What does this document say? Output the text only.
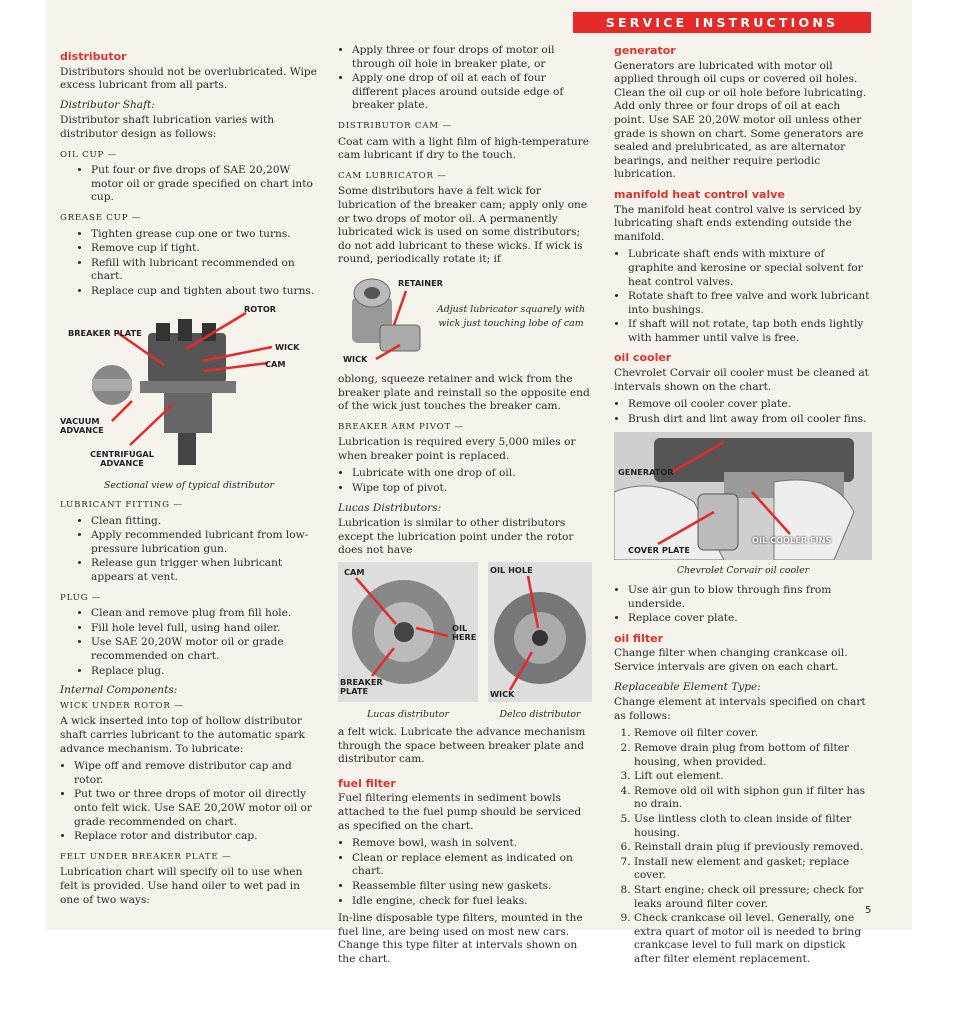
SERVICE INSTRUCTIONS
distributor

Distributors should not be overlubricated. Wipe excess lubricant from all parts.

Distributor Shaft:

Distributor shaft lubrication varies with distributor design as follows:

OIL CUP —
• Put four or five drops of SAE 20,20W motor oil or grade specified on chart into cup.
GREASE CUP —
• Tighten grease cup one or two turns.
• Remove cup if tight.
• Refill with lubricant recommended on chart.
• Replace cup and tighten about two turns.
ROTOR
BREAKER PLATE
WICK
CAM
VACUUM ADVANCE
CENTRIFUGAL ADVANCE
Sectional view of typical distributor
LUBRICANT FITTING —
• Clean fitting.
• Apply recommended lubricant from low-pressure lubrication gun.
• Release gun trigger when lubricant appears at vent.
PLUG —
• Clean and remove plug from fill hole.
• Fill hole level full, using hand oiler.
• Use SAE 20,20W motor oil or grade recommended on chart.
• Replace plug.
Internal Components:
WICK UNDER ROTOR —

A wick inserted into top of hollow distributor shaft carries lubricant to the automatic spark advance mechanism. To lubricate:

• Wipe off and remove distributor cap and rotor.
• Put two or three drops of motor oil directly onto felt wick. Use SAE 20,20W motor oil or grade recommended on chart.
• Replace rotor and distributor cap.
FELT UNDER BREAKER PLATE —

Lubrication chart will specify oil to use when felt is provided. Use hand oiler to wet pad in one of two ways:

• Apply three or four drops of motor oil through oil hole in breaker plate, or
• Apply one drop of oil at each of four different places around outside edge of breaker plate.
DISTRIBUTOR CAM —

Coat cam with a light film of high-temperature cam lubricant if dry to the touch.

CAM LUBRICATOR —

Some distributors have a felt wick for lubrication of the breaker cam; apply only one or two drops of motor oil. A permanently lubricated wick is used on some distributors; do not add lubricant to these wicks. If wick is round, periodically rotate it; if

RETAINER
WICK
Adjust lubricator squarely with wick just touching lobe of cam

oblong, squeeze retainer and wick from the breaker plate and reinstall so the opposite end of the wick just touches the breaker cam.

BREAKER ARM PIVOT —

Lubrication is required every 5,000 miles or when breaker point is replaced.

• Lubricate with one drop of oil.
• Wipe top of pivot.
Lucas Distributors:

Lubrication is similar to other distributors except the lubrication point under the rotor does not have

CAM
OIL HERE
BREAKER PLATE
OIL HOLE
WICK
Lucas distributor	Delco distributor

a felt wick. Lubricate the advance mechanism through the space between breaker plate and distributor cam.

fuel filter

Fuel filtering elements in sediment bowls attached to the fuel pump should be serviced as specified on the chart.

• Remove bowl, wash in solvent.
• Clean or replace element as indicated on chart.
• Reassemble filter using new gaskets.
• Idle engine, check for fuel leaks.

In-line disposable type filters, mounted in the fuel line, are being used on most new cars. Change this type filter at intervals shown on the chart.

generator

Generators are lubricated with motor oil applied through oil cups or covered oil holes. Clean the oil cup or oil hole before lubricating. Add only three or four drops of oil at each point. Use SAE 20,20W motor oil unless other grade is shown on chart. Some generators are sealed and prelubricated, as are alternator bearings, and neither require periodic lubrication.

manifold heat control valve

The manifold heat control valve is serviced by lubricating shaft ends extending outside the manifold.

• Lubricate shaft ends with mixture of graphite and kerosine or special solvent for heat control valves.
• Rotate shaft to free valve and work lubricant into bushings.
• If shaft will not rotate, tap both ends lightly with hammer until valve is free.
oil cooler

Chevrolet Corvair oil cooler must be cleaned at intervals shown on the chart.

• Remove oil cooler cover plate.
• Brush dirt and lint away from oil cooler fins.
GENERATOR
COVER PLATE
OIL COOLER FINS
Chevrolet Corvair oil cooler
• Use air gun to blow through fins from underside.
• Replace cover plate.
oil filter

Change filter when changing crankcase oil. Service intervals are given on each chart.

Replaceable Element Type:

Change element at intervals specified on chart as follows:

1. Remove oil filter cover.
2. Remove drain plug from bottom of filter housing, when provided.
3. Lift out element.
4. Remove old oil with siphon gun if filter has no drain.
5. Use lintless cloth to clean inside of filter housing.
6. Reinstall drain plug if previously removed.
7. Install new element and gasket; replace cover.
8. Start engine; check oil pressure; check for leaks around filter cover.
9. Check crankcase oil level. Generally, one extra quart of motor oil is needed to bring crankcase level to full mark on dipstick after filter element replacement.
5
